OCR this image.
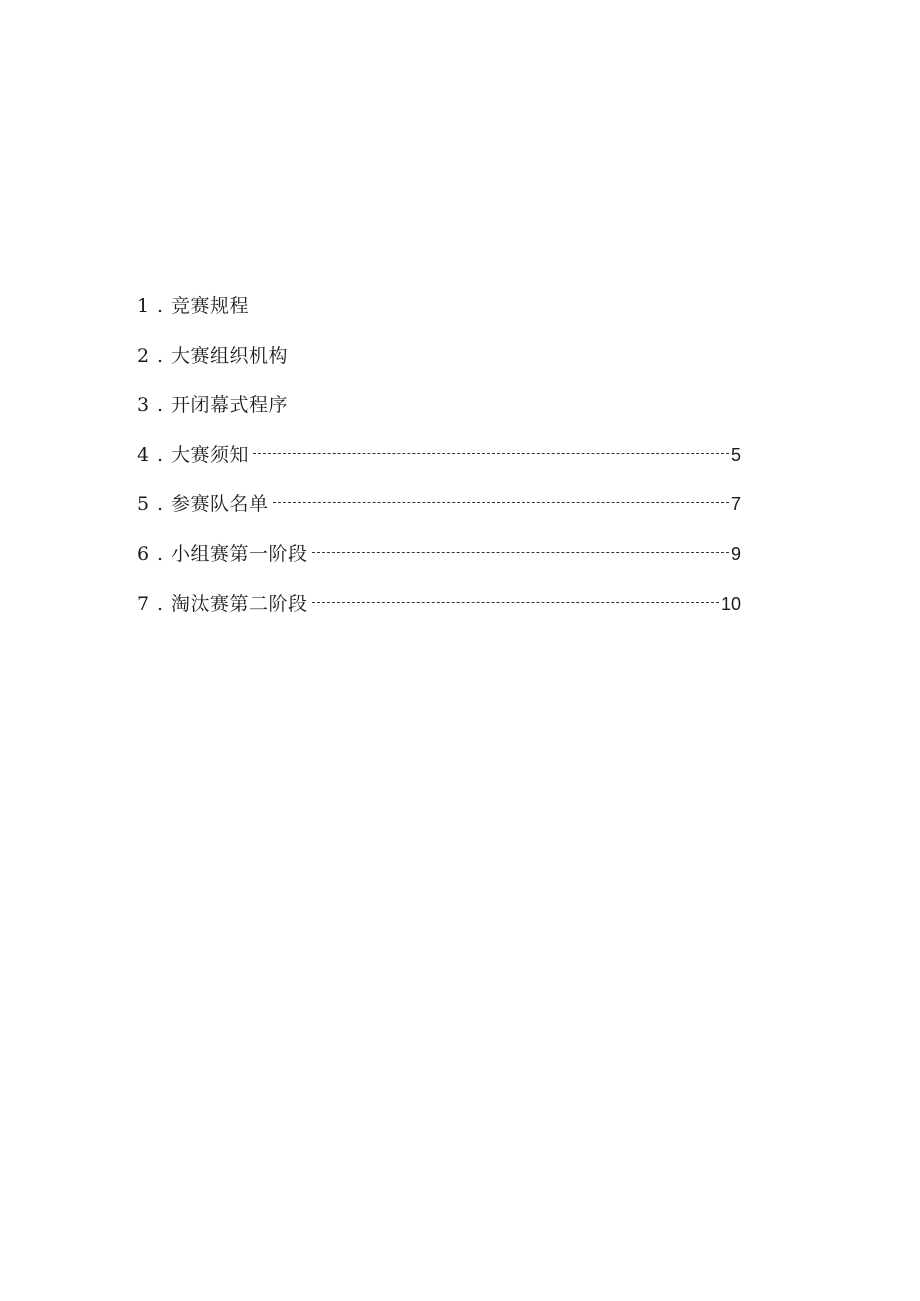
1 . 竞赛规程
2 . 大赛组织机构
3 . 开闭幕式程序
4 . 大赛须知	5
5 . 参赛队名单	7
6 . 小组赛第一阶段	9
7 . 淘汰赛第二阶段	10
